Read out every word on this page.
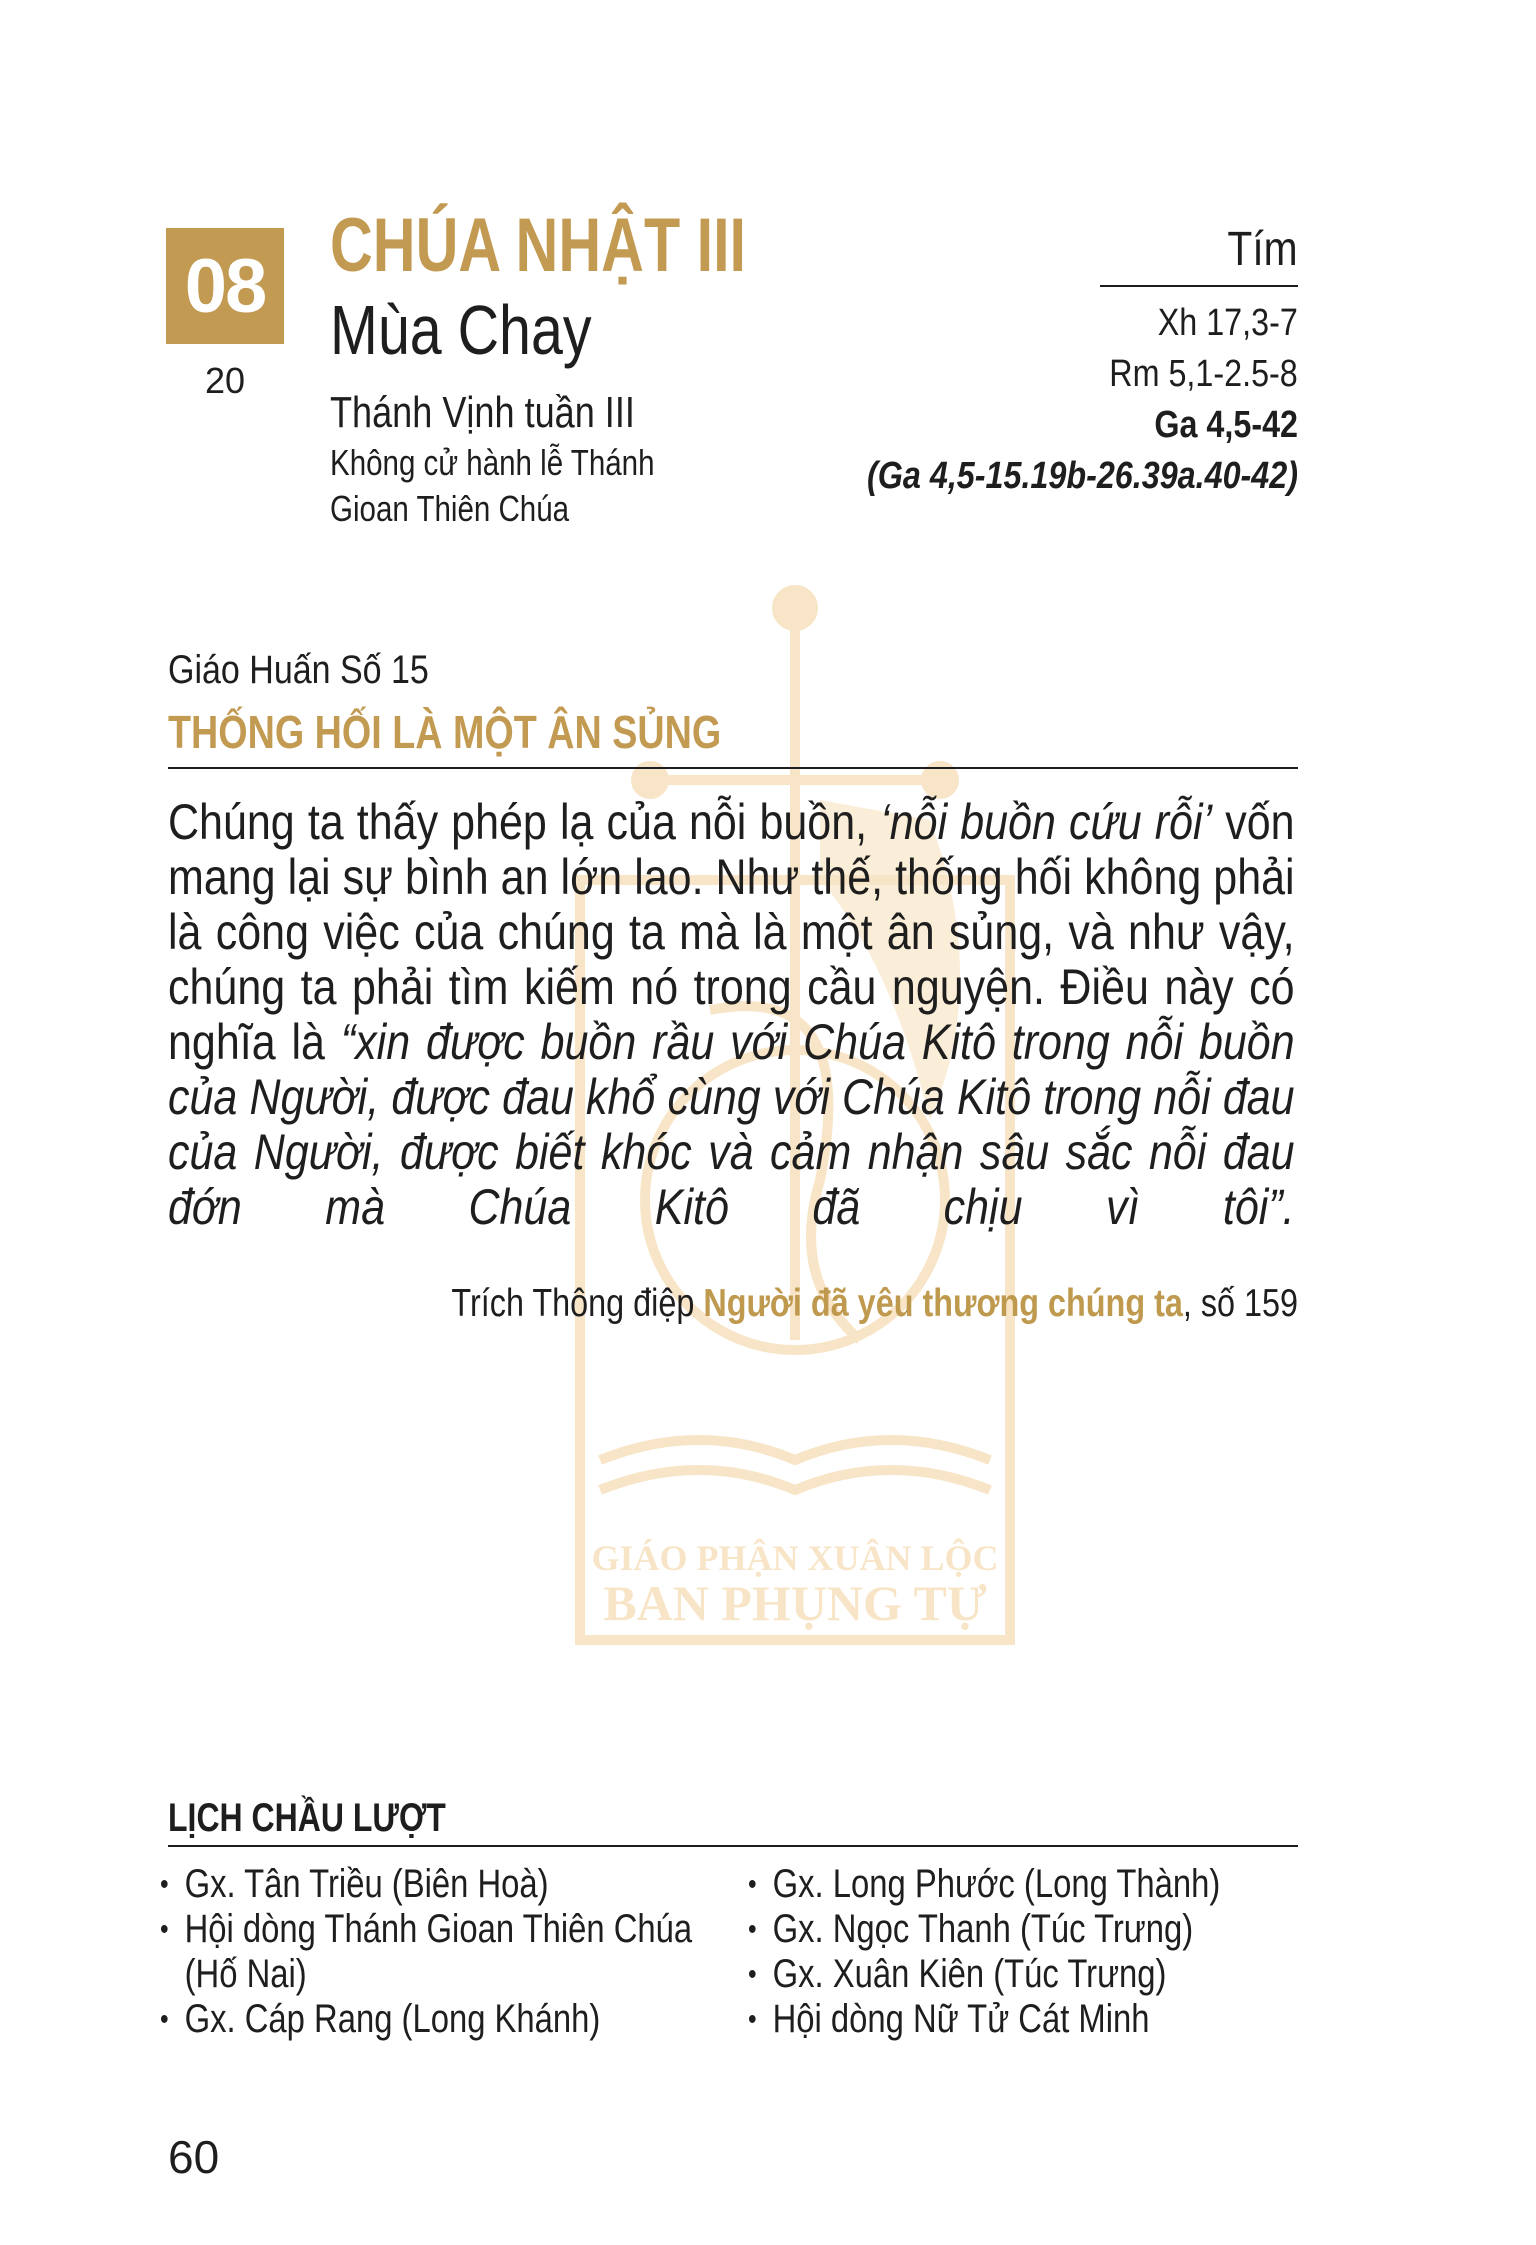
GIÁO PHẬN XUÂN LỘC
BAN PHỤNG TỰ
08
20
CHÚA NHẬT III
Mùa Chay
Thánh Vịnh tuần III
Không cử hành lễ Thánh Gioan Thiên Chúa
Tím
Xh 17,3-7
Rm 5,1-2.5-8
Ga 4,5-42
(Ga 4,5-15.19b-26.39a.40-42)
Giáo Huấn Số 15
THỐNG HỐI LÀ MỘT ÂN SỦNG
Chúng ta thấy phép lạ của nỗi buồn, ‘nỗi buồn cứu rỗi’ vốn mang lại sự bình an lớn lao. Như thế, thống hối không phải là công việc của chúng ta mà là một ân sủng, và như vậy, chúng ta phải tìm kiếm nó trong cầu nguyện. Điều này có nghĩa là “xin được buồn rầu với Chúa Kitô trong nỗi buồn của Người, được đau khổ cùng với Chúa Kitô trong nỗi đau của Người, được biết khóc và cảm nhận sâu sắc nỗi đau đớn mà Chúa Kitô đã chịu vì tôi”.
Trích Thông điệp Người đã yêu thương chúng ta, số 159
LỊCH CHẦU LƯỢT
• Gx. Tân Triều (Biên Hoà)
• Hội dòng Thánh Gioan Thiên Chúa
(Hố Nai)
• Gx. Cáp Rang (Long Khánh)
• Gx. Long Phước (Long Thành)
• Gx. Ngọc Thanh (Túc Trưng)
• Gx. Xuân Kiên (Túc Trưng)
• Hội dòng Nữ Tử Cát Minh
60
